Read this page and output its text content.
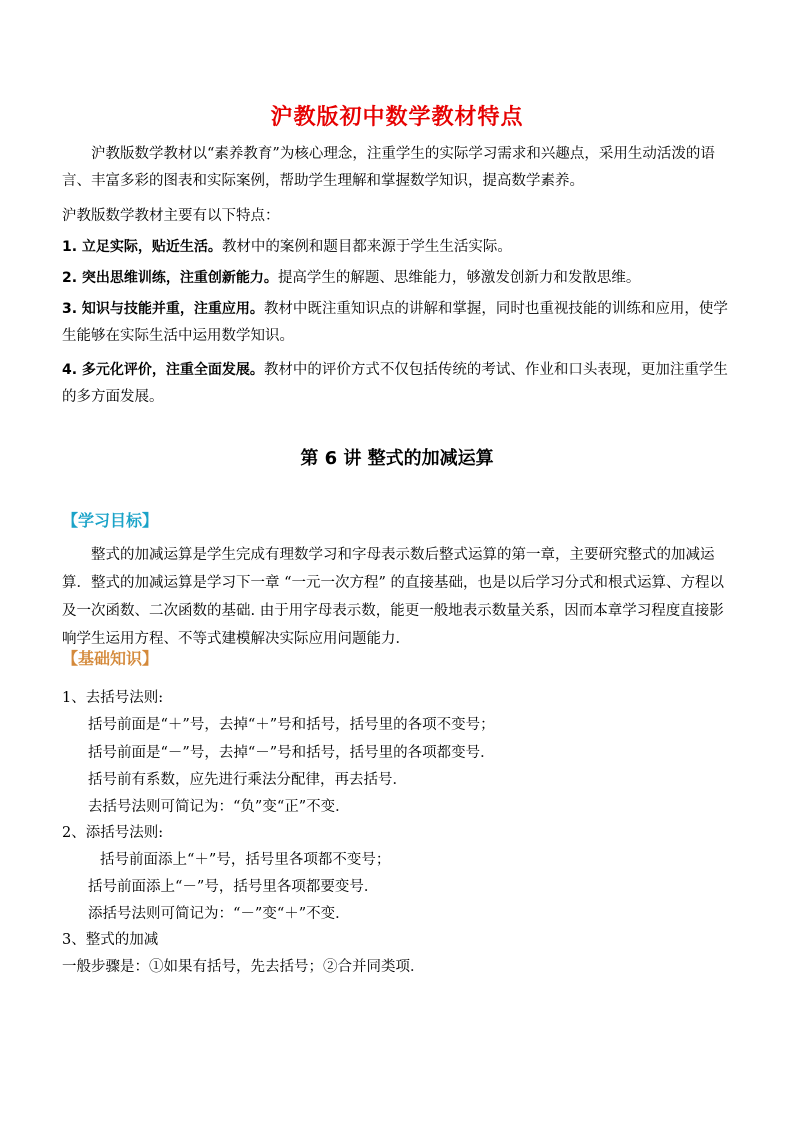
沪教版初中数学教材特点
沪教版数学教材以“素养教育”为核心理念，注重学生的实际学习需求和兴趣点，采用生动活泼的语言、丰富多彩的图表和实际案例，帮助学生理解和掌握数学知识，提高数学素养。
沪教版数学教材主要有以下特点：
1. 立足实际，贴近生活。教材中的案例和题目都来源于学生生活实际。
2. 突出思维训练，注重创新能力。提高学生的解题、思维能力，够激发创新力和发散思维。
3. 知识与技能并重，注重应用。教材中既注重知识点的讲解和掌握，同时也重视技能的训练和应用，使学生能够在实际生活中运用数学知识。
4. 多元化评价，注重全面发展。教材中的评价方式不仅包括传统的考试、作业和口头表现，更加注重学生的多方面发展。
第 6 讲 整式的加减运算
【学习目标】
整式的加减运算是学生完成有理数学习和字母表示数后整式运算的第一章，主要研究整式的加减运算．整式的加减运算是学习下一章 “一元一次方程” 的直接基础，也是以后学习分式和根式运算、方程以及一次函数、二次函数的基础. 由于用字母表示数，能更一般地表示数量关系，因而本章学习程度直接影响学生运用方程、不等式建模解决实际应用问题能力．
【基础知识】
1、去括号法则:
括号前面是“＋”号，去掉“＋”号和括号，括号里的各项不变号；
括号前面是“－”号，去掉“－”号和括号，括号里的各项都变号．
括号前有系数，应先进行乘法分配律，再去括号．
去括号法则可简记为：“负”变“正”不变．
2、添括号法则:
括号前面添上“＋”号，括号里各项都不变号；
括号前面添上“－”号，括号里各项都要变号．
添括号法则可简记为：“－”变“＋”不变．
3、整式的加减
一般步骤是：①如果有括号，先去括号；②合并同类项．
